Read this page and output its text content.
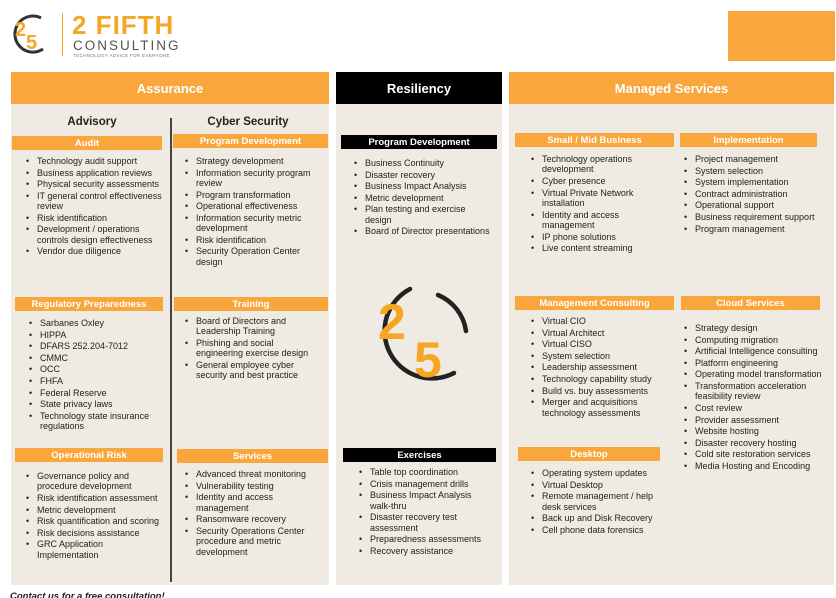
2
5
2 FIFTH
CONSULTING
TECHNOLOGY ADVICE FOR EVERYONE
Assurance
Advisory	Cyber Security
Audit
• Technology audit support
• Business application reviews
• Physical security assessments
• IT general control effectiveness review
• Risk identification
• Development / operations controls design effectiveness
• Vendor due diligence
Regulatory Preparedness
• Sarbanes Oxley
• HIPPA
• DFARS 252.204-7012
• CMMC
• OCC
• FHFA
• Federal Reserve
• State privacy laws
• Technology state insurance regulations
Operational Risk
• Governance policy and procedure development
• Risk identification assessment
• Metric development
• Risk quantification and scoring
• Risk decisions assistance
• GRC Application Implementation
Program Development
• Strategy development
• Information security program review
• Program transformation
• Operational effectiveness
• Information security metric development
• Risk identification
• Security Operation Center design
Training
• Board of Directors and Leadership Training
• Phishing and social engineering exercise design
• General employee cyber security and best practice
Services
• Advanced threat monitoring
• Vulnerability testing
• Identity and access management
• Ransomware recovery
• Security Operations Center procedure and metric development
Resiliency
Program Development
• Business Continuity
• Disaster recovery
• Business Impact Analysis
• Metric development
• Plan testing and exercise design
• Board of Director presentations
2
5
Exercises
• Table top coordination
• Crisis management drills
• Business Impact Analysis walk-thru
• Disaster recovery test assessment
• Preparedness assessments
• Recovery assistance
Managed Services
Small / Mid Business
• Technology operations development
• Cyber presence
• Virtual Private Network installation
• Identity and access management
• IP phone solutions
• Live content streaming
Implementation
• Project management
• System selection
• System implementation
• Contract administration
• Operational support
• Business requirement support
• Program management
Management Consulting
• Virtual CIO
• Virtual Architect
• Virtual CISO
• System selection
• Leadership assessment
• Technology capability study
• Build vs. buy assessments
• Merger and acquisitions technology assessments
Desktop
• Operating system updates
• Virtual Desktop
• Remote management / help desk services
• Back up and Disk Recovery
• Cell phone data forensics
Cloud Services
• Strategy design
• Computing migration
• Artificial Intelligence consulting
• Platform engineering
• Operating model transformation
• Transformation acceleration feasibility review
• Cost review
• Provider assessment
• Website hosting
• Disaster recovery hosting
• Cold site restoration services
• Media Hosting and Encoding
Contact us for a free consultation!
